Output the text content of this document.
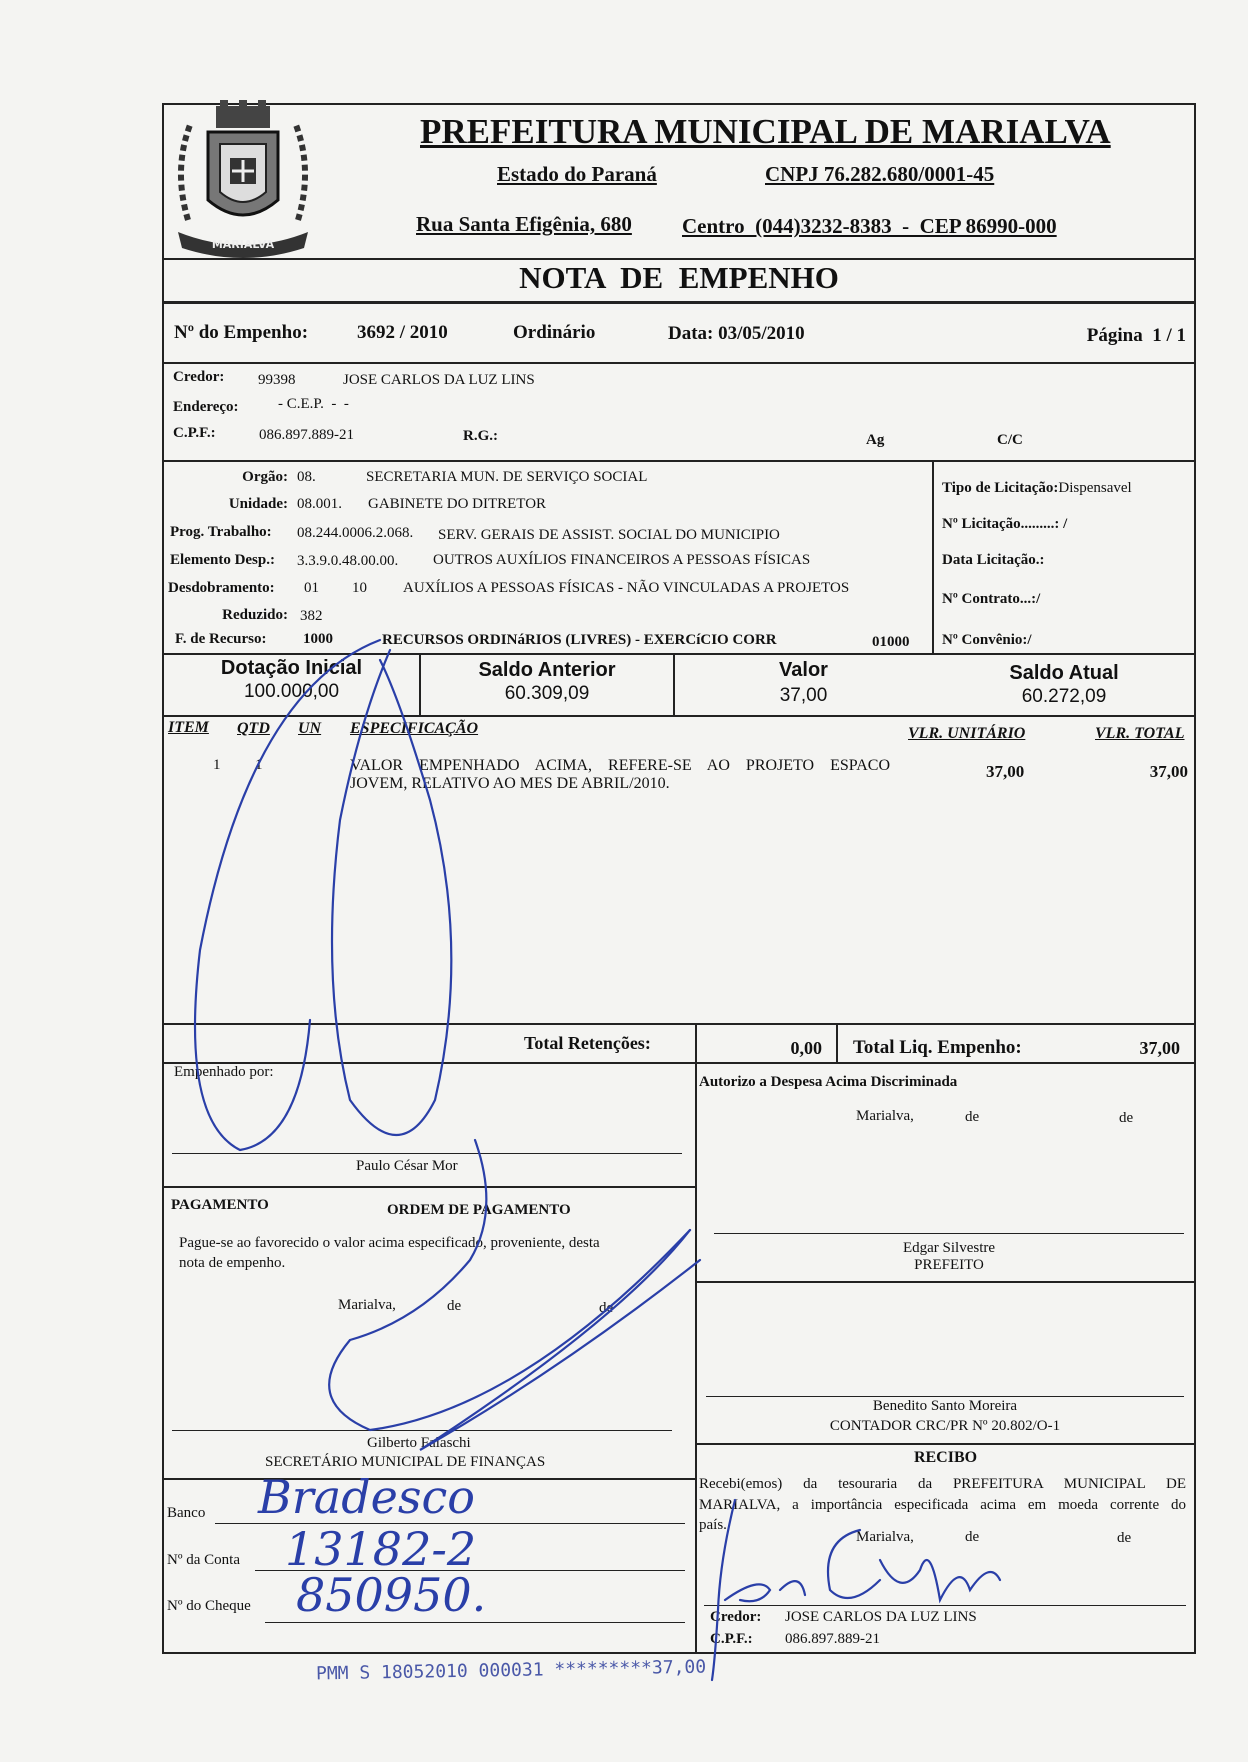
MARIALVA
PREFEITURA MUNICIPAL DE MARIALVA
Estado do Paraná	CNPJ 76.282.680/0001-45
Rua Santa Efigênia, 680 Centro  (044)3232-8383  -  CEP 86990-000
NOTA  DE  EMPENHO
Nº do Empenho:	3692 / 2010	Ordinário	Data: 03/05/2010	Página  1 / 1
Credor: 99398	JOSE CARLOS DA LUZ LINS
Endereço:	- C.E.P.  -  -
C.P.F.:	086.897.889-21	R.G.:	Ag	C/C
Orgão: 08.	SECRETARIA MUN. DE SERVIÇO SOCIAL
Unidade: 08.001. GABINETE DO DITRETOR
Prog. Trabalho: 08.244.0006.2.068. SERV. GERAIS DE ASSIST. SOCIAL DO MUNICIPIO
Elemento Desp.: 3.3.9.0.48.00.00. OUTROS AUXÍLIOS FINANCEIROS A PESSOAS FÍSICAS
Desdobramento: 01 10 AUXÍLIOS A PESSOAS FÍSICAS - NÃO VINCULADAS A PROJETOS
Reduzido: 382
F. de Recurso: 1000	RECURSOS ORDINáRIOS (LIVRES) - EXERCíCIO CORR	01000
Tipo de Licitação:Dispensavel
Nº Licitação.........: /
Data Licitação.:
Nº Contrato...:/
Nº Convênio:/
Dotação Inicial
100.000,00
Saldo Anterior
60.309,09
Valor
37,00
Saldo Atual
60.272,09
ITEM QTD UN ESPECIFICAÇÃO	VLR. UNITÁRIO	VLR. TOTAL
1 1	VALOR EMPENHADO ACIMA, REFERE-SE AO PROJETO ESPACO
JOVEM, RELATIVO AO MES DE ABRIL/2010.
37,00	37,00
Total Retenções:	0,00 Total Liq. Empenho:	37,00
Empenhado por:
Paulo César Mor
PAGAMENTO	ORDEM DE PAGAMENTO
Pague-se ao favorecido o valor acima especificado, proveniente, desta
nota de empenho.
Marialva,	de	de
Gilberto Falaschi
SECRETÁRIO MUNICIPAL DE FINANÇAS
Banco Bradesco
Nº da Conta 13182-2
Nº do Cheque 850950.
Autorizo a Despesa Acima Discriminada
Marialva,	de	de
Edgar Silvestre
PREFEITO
Benedito Santo Moreira
CONTADOR CRC/PR Nº 20.802/O-1
RECIBO
Recebi(emos) da tesouraria da PREFEITURA MUNICIPAL DE
MARIALVA, a importância especificada acima em moeda corrente do
país.
Marialva,	de	de
Credor: JOSE CARLOS DA LUZ LINS
C.P.F.: 086.897.889-21
PMM S 18052010 000031 *********37,00
